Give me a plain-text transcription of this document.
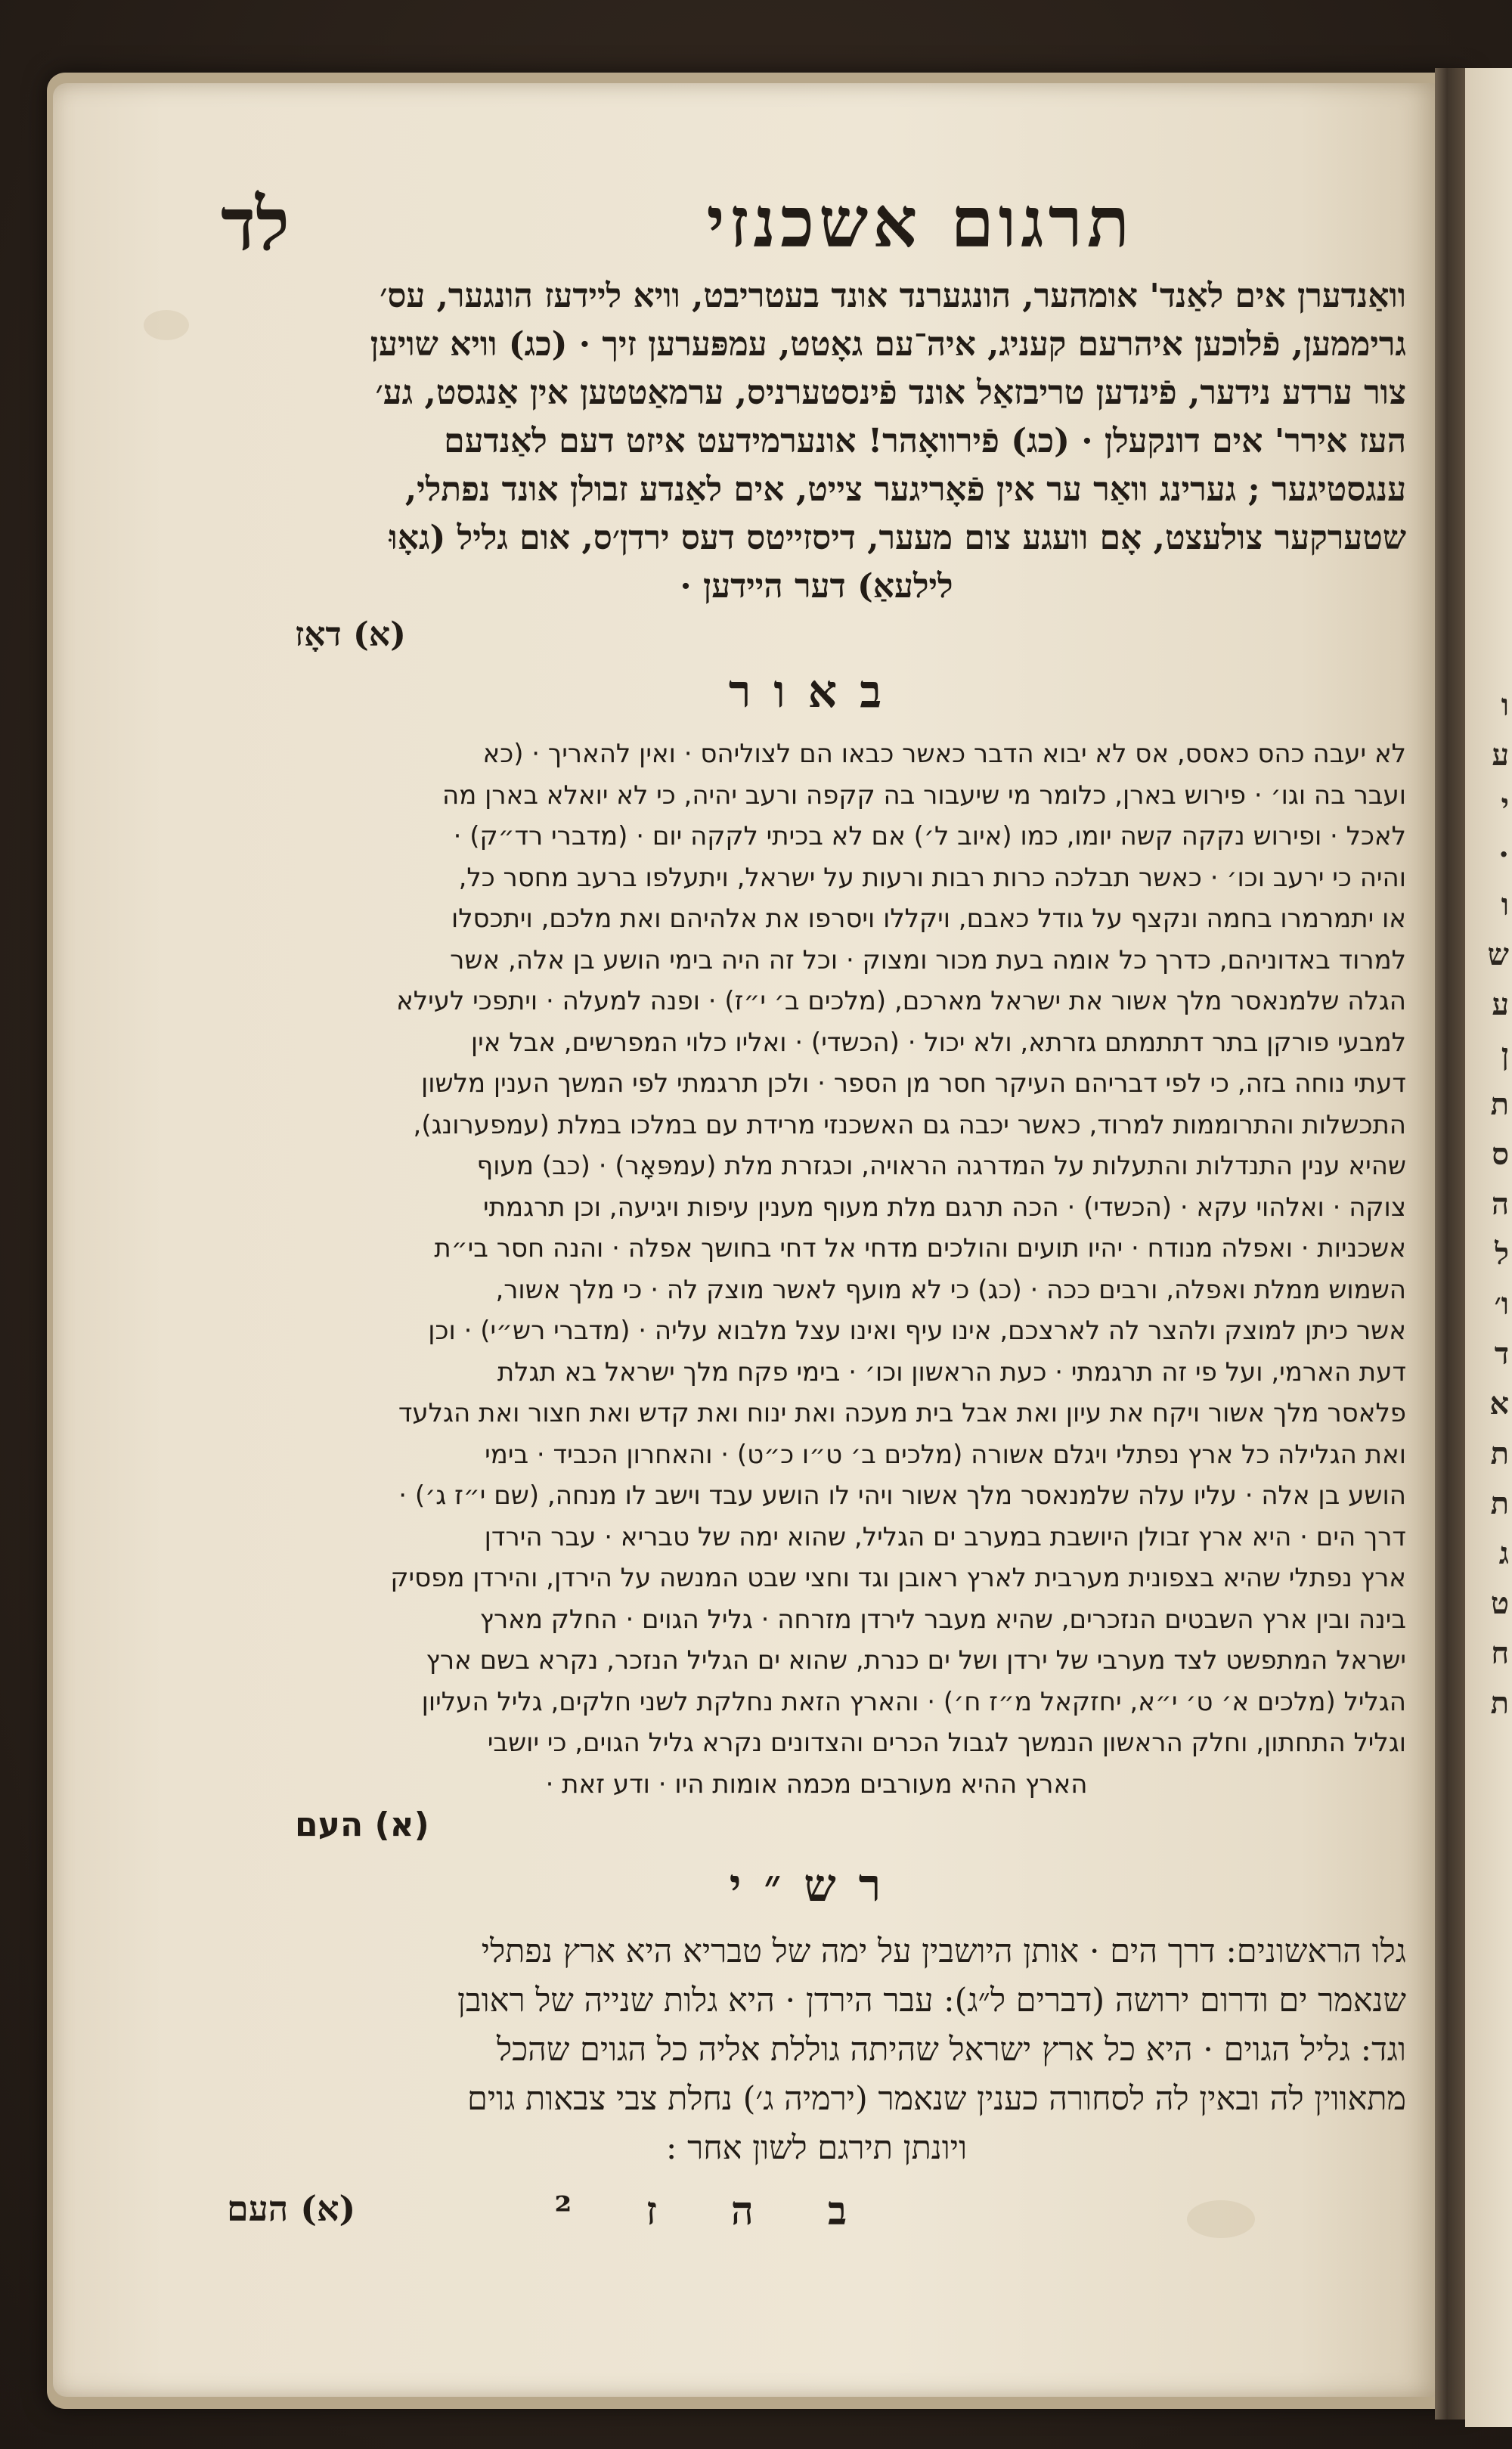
ו
ע
י
·
ו
ש
ע
ן
ת
ס
ה
ל
ו׳
ד
א
ת
ת
ג
ט
ח
ת
תרגום אשכנזי
לד

וואַנדערן אים לאַנד' אומהער, הונגערנד אונד בעטריבט, וויא ליידעז הונגער, עס׳

גריממען, פֿלוכען איהרעם קעניג, איה־עם גאָטט, עמפּערען זיך · (כג) וויא שויען

צור ערדע נידער, פֿינדען טריבזאַל אונד פֿינסטערניס, ערמאַטטען אין אַנגסט, גע׳

העז אירר' אים דונקעלן · (כג) פֿירוואָהר! אונערמידעט איזט דעם לאַנדעם

ענגסטיגער ; גערינג וואַר ער אין פֿאָריגער צייט, אים לאַנדע זבולן אונד נפתלי,

שטערקער צולעצט, אָם וועגע צום מעער, דיסזייטס דעס ירדן׳ס, אום גליל (גאָוּ

לילעאַ) דער היידען ·

(א) דאָז
באור

לא יעבה כהס כאסס, אס לא יבוא הדבר כאשר כבאו הם לצוליהס · ואין להאריך · (כא

ועבר בה וגו׳ · פירוש בארן, כלומר מי שיעבור בה קקפה ורעב יהיה, כי לא יואלא בארן מה

לאכל · ופירוש נקקה קשה יומו, כמו (איוב ל׳) אם לא בכיתי לקקה יום · (מדברי רד״ק) ·

והיה כי ירעב וכו׳ · כאשר תבלכה כרות רבות ורעות על ישראל, ויתעלפו ברעב מחסר כל,

או יתמרמרו בחמה ונקצף על גודל כאבם, ויקללו ויסרפו את אלהיהם ואת מלכם, ויתכסלו

למרוד באדוניהם, כדרך כל אומה בעת מכור ומצוק · וכל זה היה בימי הושע בן אלה, אשר

הגלה שלמנאסר מלך אשור את ישראל מארכם, (מלכים ב׳ י״ז) · ופנה למעלה · ויתפכי לעילא

למבעי פורקן בתר דתתמתם גזרתא, ולא יכול · (הכשדי) · ואליו כלוי המפרשים, אבל אין

דעתי נוחה בזה, כי לפי דבריהם העיקר חסר מן הספר · ולכן תרגמתי לפי המשך הענין מלשון

התכשלות והתרוממות למרוד, כאשר יכבה גם האשכנזי מרידת עם במלכו במלת (עמפערונג),

שהיא ענין התנדלות והתעלות על המדרגה הראויה, וכגזרת מלת (עמפּאָר) · (כב) מעוף

צוקה · ואלהוי עקא · (הכשדי) · הכה תרגם מלת מעוף מענין עיפות ויגיעה, וכן תרגמתי

אשכניות · ואפלה מנודח · יהיו תועים והולכים מדחי אל דחי בחושך אפלה · והנה חסר בי״ת

השמוש ממלת ואפלה, ורבים ככה · (כג) כי לא מועף לאשר מוצק לה · כי מלך אשור,

אשר כיתן למוצק ולהצר לה לארצכם, אינו עיף ואינו עצל מלבוא עליה · (מדברי רש״י) · וכן

דעת הארמי, ועל פי זה תרגמתי · כעת הראשון וכו׳ · בימי פקח מלך ישראל בא תגלת

פלאסר מלך אשור ויקח את עיון ואת אבל בית מעכה ואת ינוח ואת קדש ואת חצור ואת הגלעד

ואת הגלילה כל ארץ נפתלי ויגלם אשורה (מלכים ב׳ ט״ו כ״ט) · והאחרון הכביד · בימי

הושע בן אלה · עליו עלה שלמנאסר מלך אשור ויהי לו הושע עבד וישב לו מנחה, (שם י״ז ג׳) ·

דרך הים · היא ארץ זבולן היושבת במערב ים הגליל, שהוא ימה של טבריא · עבר הירדן

ארץ נפתלי שהיא בצפונית מערבית לארץ ראובן וגד וחצי שבט המנשה על הירדן, והירדן מפסיק

בינה ובין ארץ השבטים הנזכרים, שהיא מעבר לירדן מזרחה · גליל הגוים · החלק מארץ

ישראל המתפשט לצד מערבי של ירדן ושל ים כנרת, שהוא ים הגליל הנזכר, נקרא בשם ארץ

הגליל (מלכים א׳ ט׳ י״א, יחזקאל מ״ז ח׳) · והארץ הזאת נחלקת לשני חלקים, גליל העליון

וגליל התחתון, וחלק הראשון הנמשך לגבול הכרים והצדונים נקרא גליל הגוים, כי יושבי

הארץ ההיא מעורבים מכמה אומות היו · ודע זאת ·

(א) העם
רש״י

גלו הראשונים: דרך הים · אותן היושבין על ימה של טבריא היא ארץ נפתלי

שנאמר ים ודרום ירושה (דברים ל״ג): עבר הירדן · היא גלות שנייה של ראובן

וגד: גליל הגוים · היא כל ארץ ישראל שהיתה גוללת אליה כל הגוים שהכל

מתאווין לה ובאין לה לסחורה כענין שנאמר (ירמיה ג׳) נחלת צבי צבאות גוים

ויונתן תירגם לשון אחר :

ב ה ז ²
(א) העם
